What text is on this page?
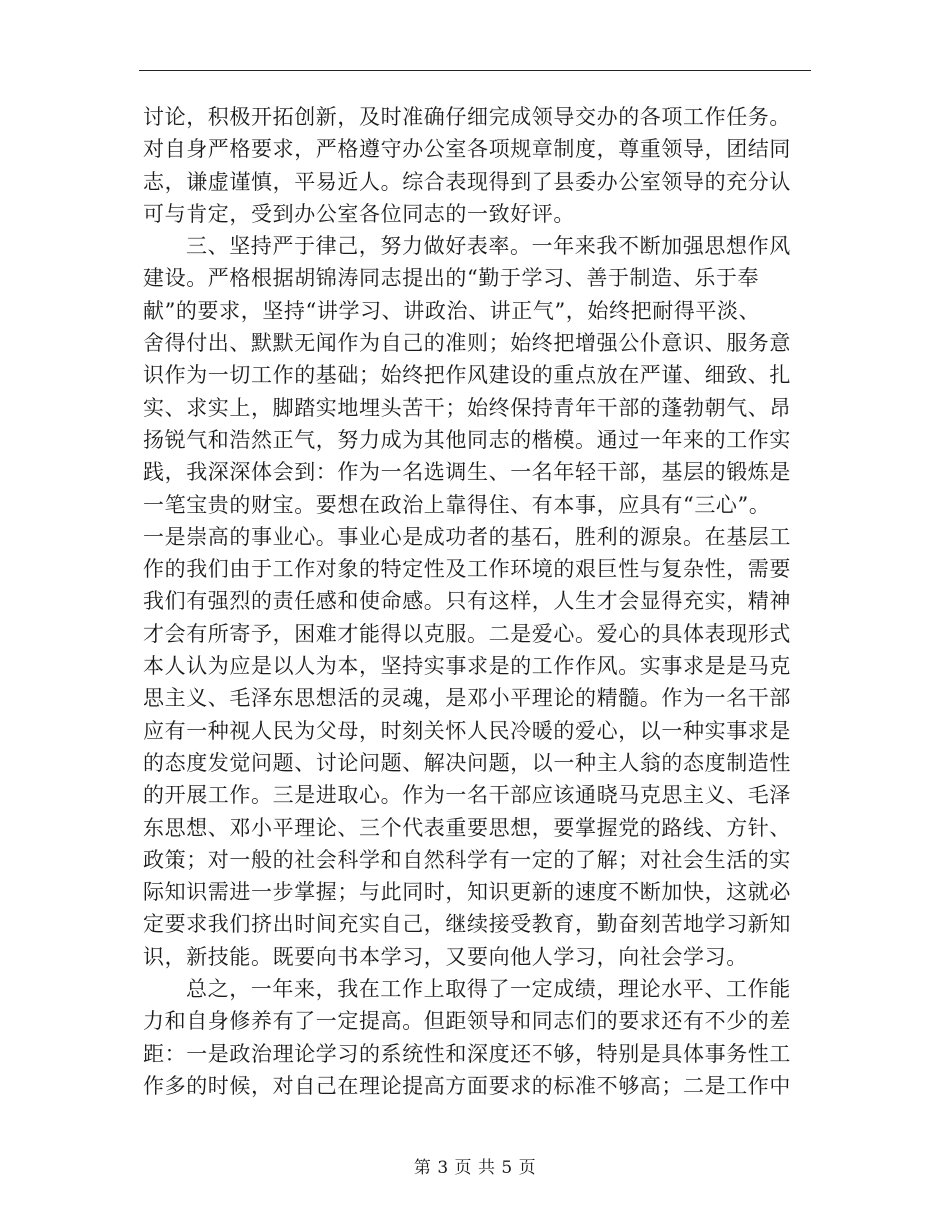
讨论，积极开拓创新，及时准确仔细完成领导交办的各项工作任务。
对自身严格要求，严格遵守办公室各项规章制度，尊重领导，团结同
志，谦虚谨慎，平易近人。综合表现得到了县委办公室领导的充分认
可与肯定，受到办公室各位同志的一致好评。
三、坚持严于律己，努力做好表率。一年来我不断加强思想作风
建设。严格根据胡锦涛同志提出的“勤于学习、善于制造、乐于奉
献”的要求，坚持“讲学习、讲政治、讲正气”，始终把耐得平淡、
舍得付出、默默无闻作为自己的准则；始终把增强公仆意识、服务意
识作为一切工作的基础；始终把作风建设的重点放在严谨、细致、扎
实、求实上，脚踏实地埋头苦干；始终保持青年干部的蓬勃朝气、昂
扬锐气和浩然正气，努力成为其他同志的楷模。通过一年来的工作实
践，我深深体会到：作为一名选调生、一名年轻干部，基层的锻炼是
一笔宝贵的财宝。要想在政治上靠得住、有本事，应具有“三心”。
一是崇高的事业心。事业心是成功者的基石，胜利的源泉。在基层工
作的我们由于工作对象的特定性及工作环境的艰巨性与复杂性，需要
我们有强烈的责任感和使命感。只有这样，人生才会显得充实，精神
才会有所寄予，困难才能得以克服。二是爱心。爱心的具体表现形式
本人认为应是以人为本，坚持实事求是的工作作风。实事求是是马克
思主义、毛泽东思想活的灵魂，是邓小平理论的精髓。作为一名干部
应有一种视人民为父母，时刻关怀人民冷暖的爱心，以一种实事求是
的态度发觉问题、讨论问题、解决问题，以一种主人翁的态度制造性
的开展工作。三是进取心。作为一名干部应该通晓马克思主义、毛泽
东思想、邓小平理论、三个代表重要思想，要掌握党的路线、方针、
政策；对一般的社会科学和自然科学有一定的了解；对社会生活的实
际知识需进一步掌握；与此同时，知识更新的速度不断加快，这就必
定要求我们挤出时间充实自己，继续接受教育，勤奋刻苦地学习新知
识，新技能。既要向书本学习，又要向他人学习，向社会学习。
总之，一年来，我在工作上取得了一定成绩，理论水平、工作能
力和自身修养有了一定提高。但距领导和同志们的要求还有不少的差
距：一是政治理论学习的系统性和深度还不够，特别是具体事务性工
作多的时候，对自己在理论提高方面要求的标准不够高；二是工作中
第 3 页 共 5 页
